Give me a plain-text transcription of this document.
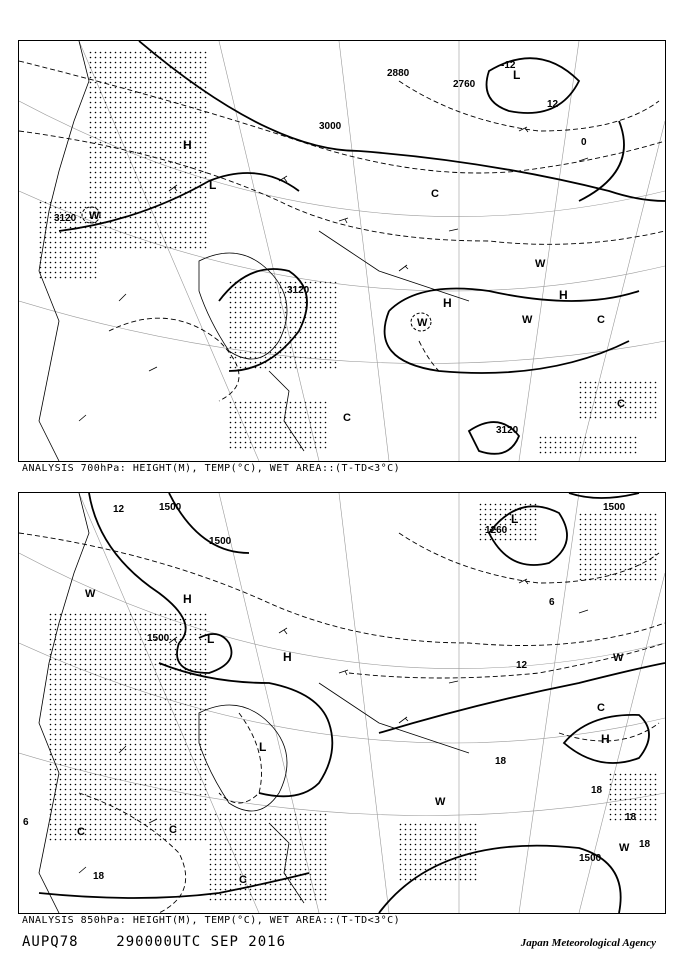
3000
3120
3120
3120
2760
2880
0
-12
12
H
H
H
L
L
W
W	W
W
C
C
C
C
ANALYSIS 700hPa: HEIGHT(M), TEMP(°C), WET AREA::(T-TD<3°C)
1500
1500
1500
1500
1500
1260
12
12
18
18
18
18
18
6
6
H
H
H
L
L
L
W
W
W
W
C	C
C
C
ANALYSIS 850hPa: HEIGHT(M), TEMP(°C), WET AREA::(T-TD<3°C)
AUPQ78	290000UTC SEP 2016	Japan Meteorological Agency
